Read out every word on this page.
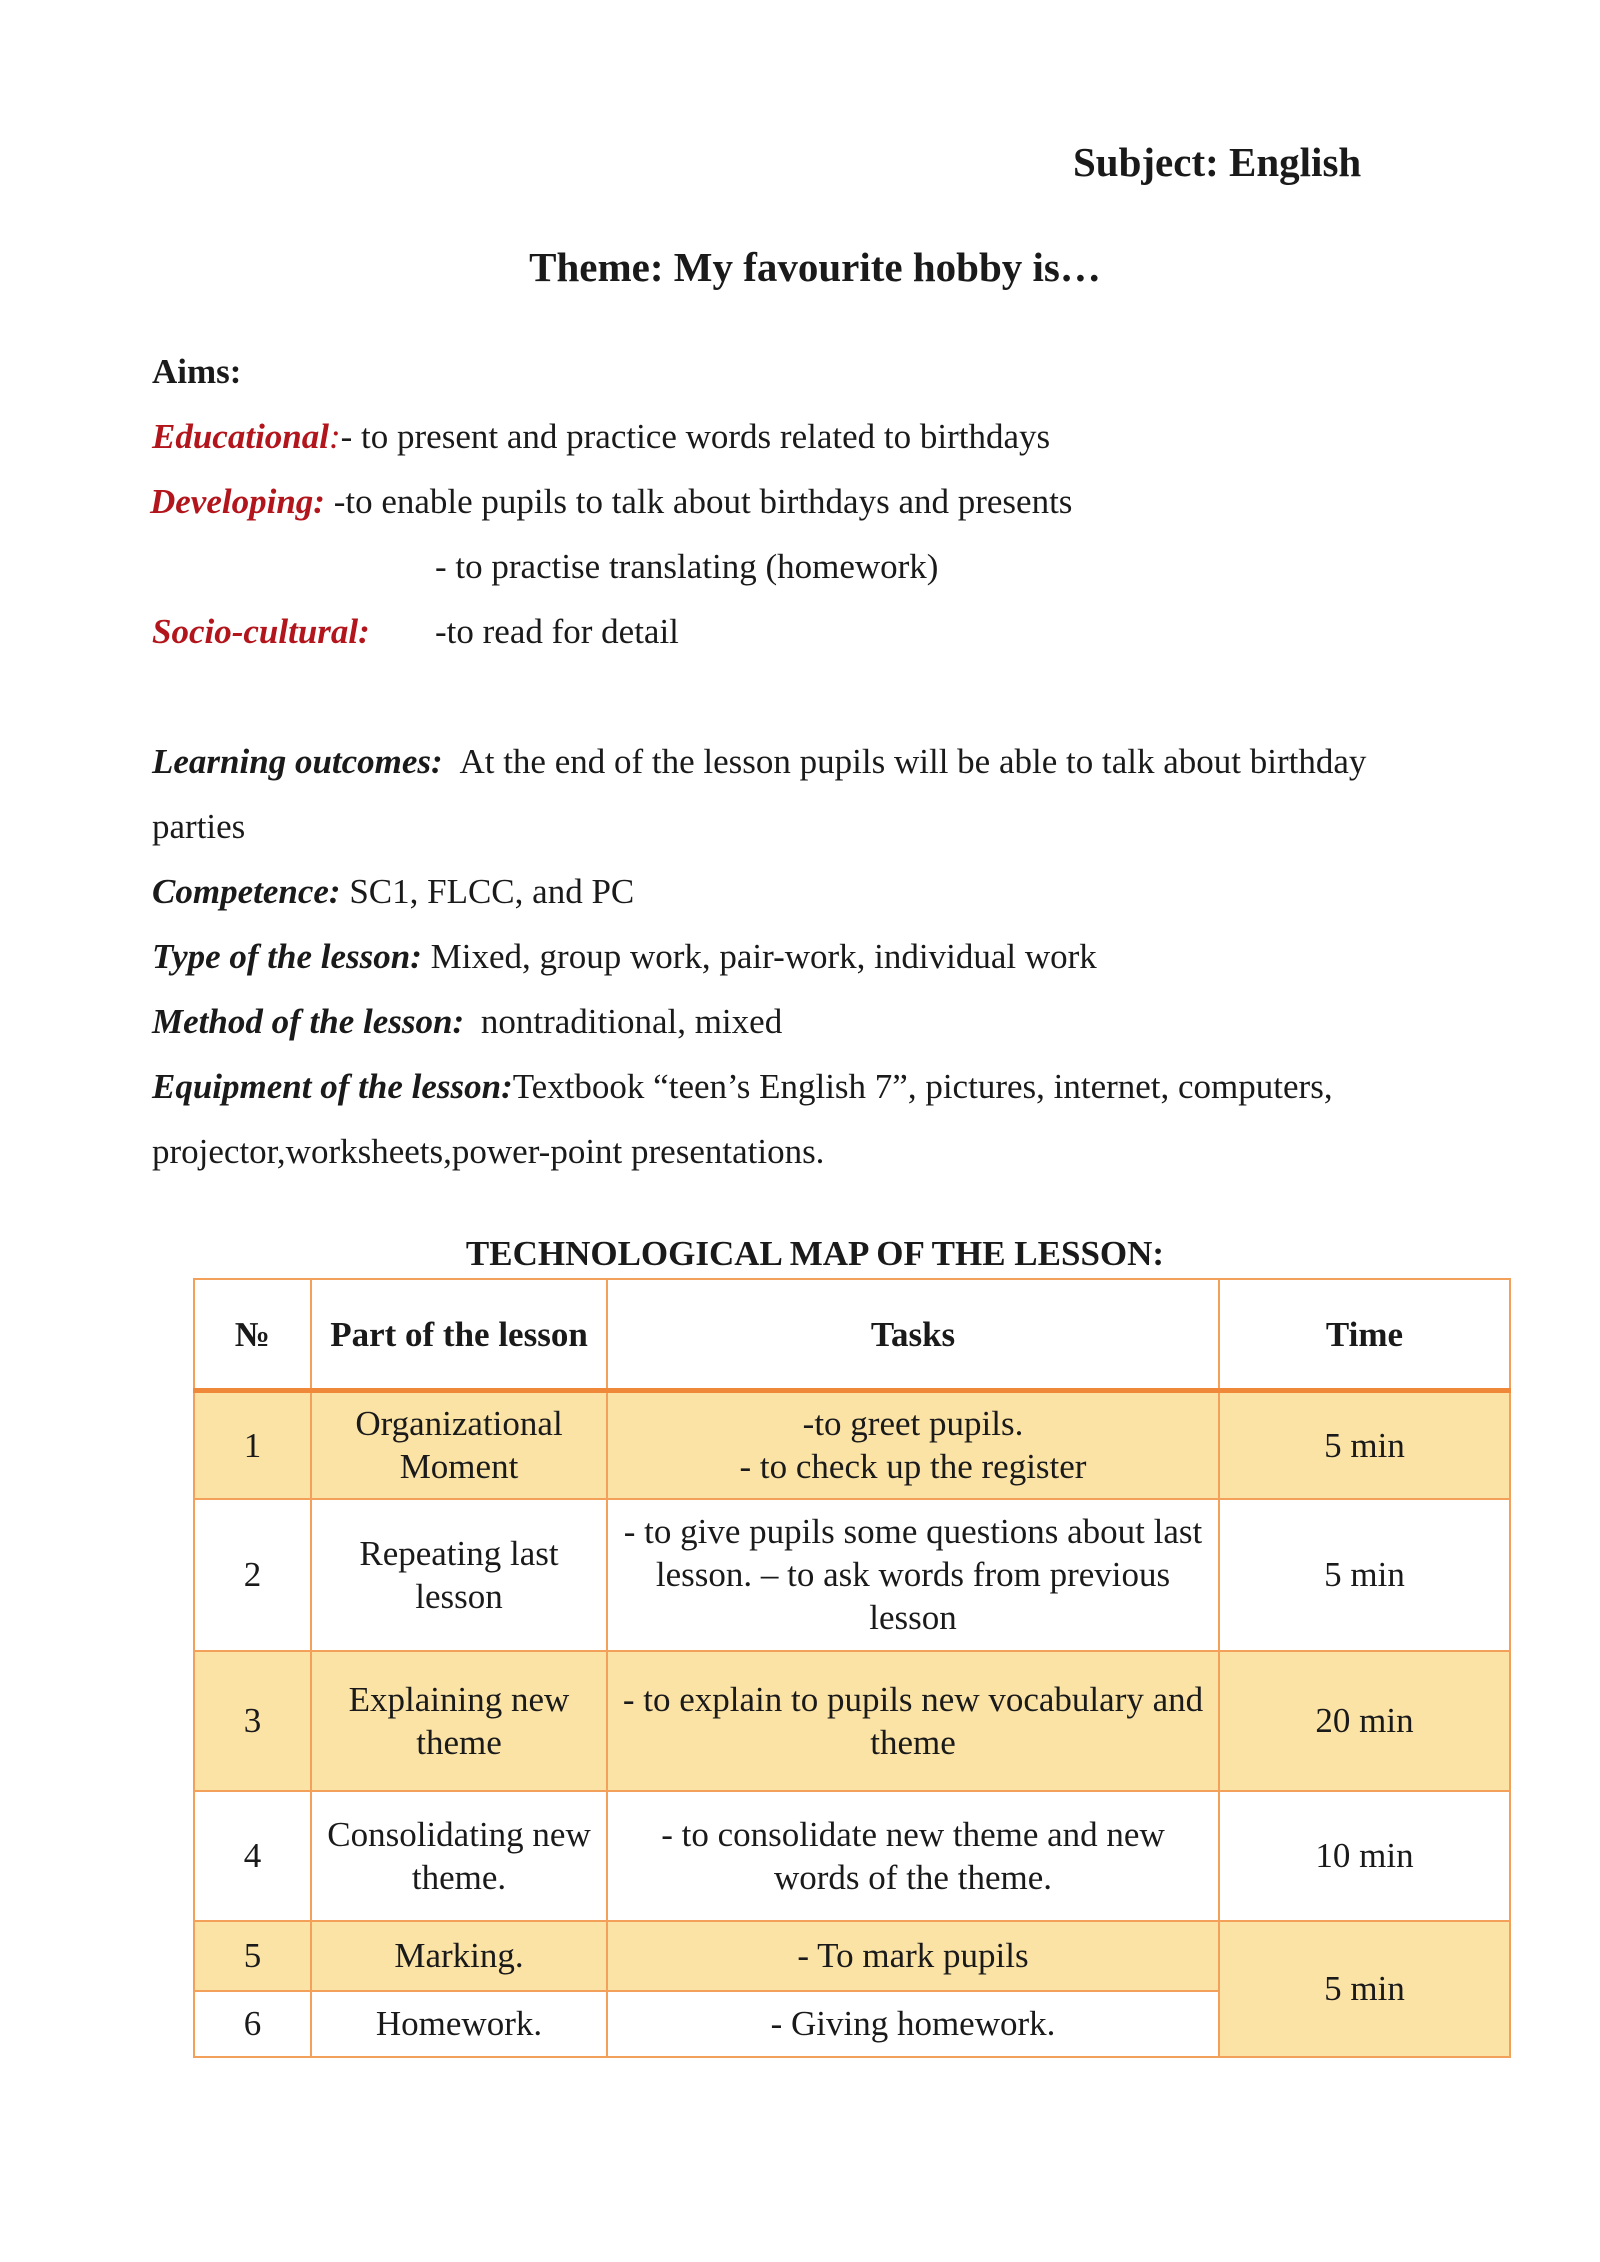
Subject: English
Theme: My favourite hobby is…
Aims:
Educational:- to present and practice words related to birthdays
Developing: -to enable pupils to talk about birthdays and presents
- to practise translating (homework)
Socio-cultural: -to read for detail
Learning outcomes: At the end of the lesson pupils will be able to talk about birthday
parties
Competence: SC1, FLCC, and PC
Type of the lesson: Mixed, group work, pair-work, individual work
Method of the lesson: nontraditional, mixed
Equipment of the lesson:Textbook “teen’s English 7”, pictures, internet, computers,
projector,worksheets,power-point presentations.
TECHNOLOGICAL MAP OF THE LESSON:
№	Part of the lesson	Tasks	Time
1	Organizational Moment	-to greet pupils.
- to check up the register	5 min
2	Repeating last lesson	- to give pupils some questions about last lesson. – to ask words from previous lesson	5 min
3	Explaining new theme	- to explain to pupils new vocabulary and theme	20 min
4	Consolidating new theme.	- to consolidate new theme and new words of the theme.	10 min
5	Marking.	- To mark pupils	5 min
6	Homework.	- Giving homework.	
